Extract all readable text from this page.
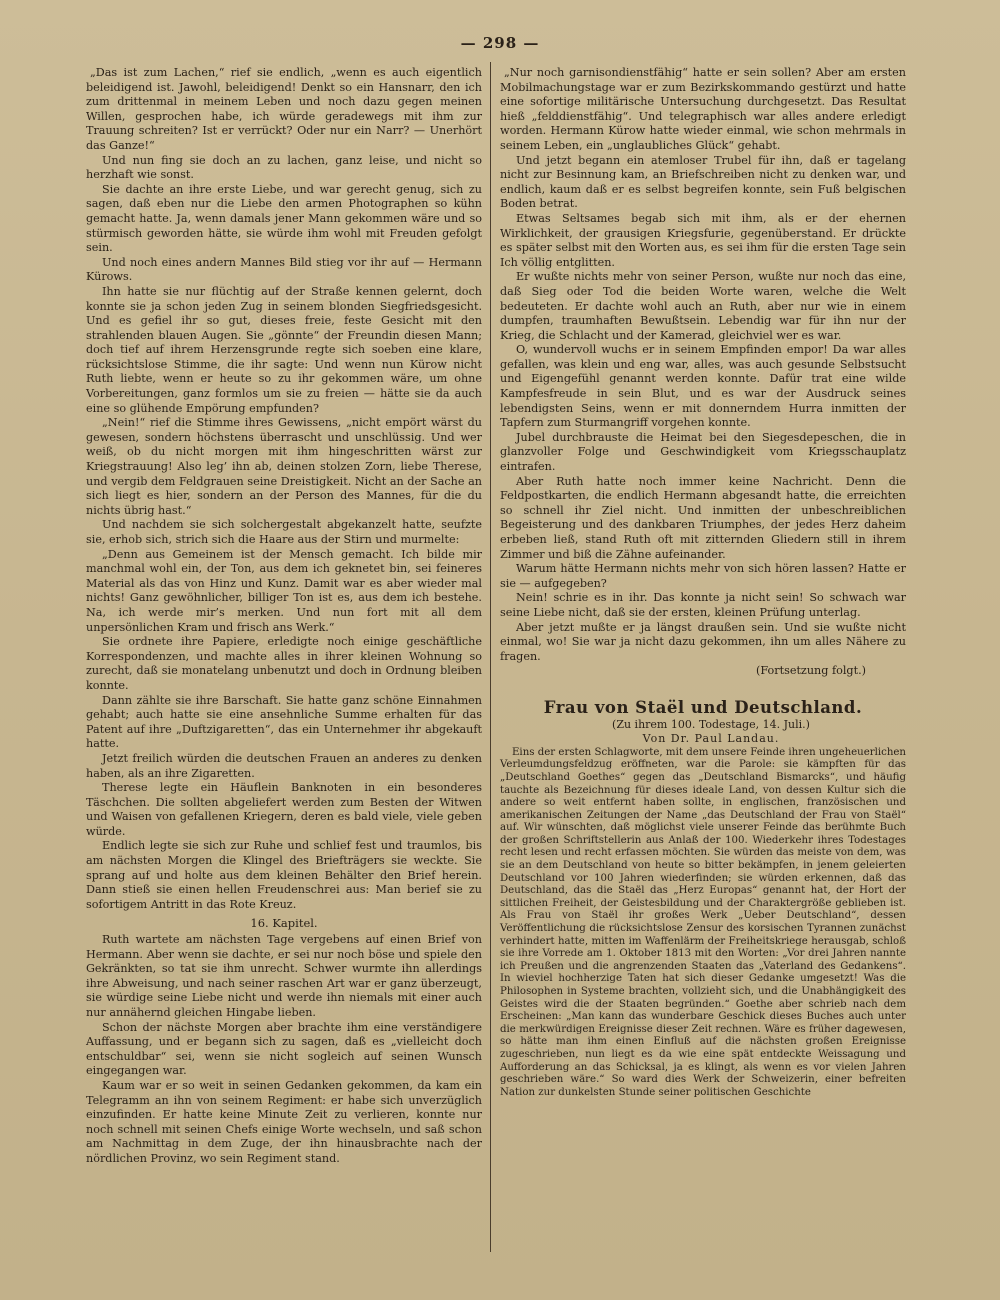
— 298 —

„Das ist zum Lachen,“ rief sie endlich, „wenn es auch eigentlich beleidigend ist. Jawohl, beleidigend! Denkt so ein Hansnarr, den ich zum drittenmal in meinem Leben und noch dazu gegen meinen Willen, gesprochen habe, ich würde geradewegs mit ihm zur Trauung schreiten? Ist er verrückt? Oder nur ein Narr? — Unerhört das Ganze!“

Und nun fing sie doch an zu lachen, ganz leise, und nicht so herzhaft wie sonst.

Sie dachte an ihre erste Liebe, und war gerecht genug, sich zu sagen, daß eben nur die Liebe den armen Photographen so kühn gemacht hatte. Ja, wenn damals jener Mann gekommen wäre und so stürmisch geworden hätte, sie würde ihm wohl mit Freuden gefolgt sein.

Und noch eines andern Mannes Bild stieg vor ihr auf — Hermann Kürows.

Ihn hatte sie nur flüchtig auf der Straße kennen gelernt, doch konnte sie ja schon jeden Zug in seinem blonden Siegfriedsgesicht. Und es gefiel ihr so gut, dieses freie, feste Gesicht mit den strahlenden blauen Augen. Sie „gönnte“ der Freundin diesen Mann; doch tief auf ihrem Herzensgrunde regte sich soeben eine klare, rücksichtslose Stimme, die ihr sagte: Und wenn nun Kürow nicht Ruth liebte, wenn er heute so zu ihr gekommen wäre, um ohne Vorbereitungen, ganz formlos um sie zu freien — hätte sie da auch eine so glühende Empörung empfunden?

„Nein!“ rief die Stimme ihres Gewissens, „nicht empört wärst du gewesen, sondern höchstens überrascht und unschlüssig. Und wer weiß, ob du nicht morgen mit ihm hingeschritten wärst zur Kriegstrauung! Also leg’ ihn ab, deinen stolzen Zorn, liebe Therese, und vergib dem Feldgrauen seine Dreistigkeit. Nicht an der Sache an sich liegt es hier, sondern an der Person des Mannes, für die du nichts übrig hast.“

Und nachdem sie sich solchergestalt abgekanzelt hatte, seufzte sie, erhob sich, strich sich die Haare aus der Stirn und murmelte:

„Denn aus Gemeinem ist der Mensch gemacht. Ich bilde mir manchmal wohl ein, der Ton, aus dem ich geknetet bin, sei feineres Material als das von Hinz und Kunz. Damit war es aber wieder mal nichts! Ganz gewöhnlicher, billiger Ton ist es, aus dem ich bestehe. Na, ich werde mir’s merken. Und nun fort mit all dem unpersönlichen Kram und frisch ans Werk.“

Sie ordnete ihre Papiere, erledigte noch einige geschäftliche Korrespondenzen, und machte alles in ihrer kleinen Wohnung so zurecht, daß sie monatelang unbenutzt und doch in Ordnung bleiben konnte.

Dann zählte sie ihre Barschaft. Sie hatte ganz schöne Einnahmen gehabt; auch hatte sie eine ansehnliche Summe erhalten für das Patent auf ihre „Duftzigaretten“, das ein Unternehmer ihr abgekauft hatte.

Jetzt freilich würden die deutschen Frauen an anderes zu denken haben, als an ihre Zigaretten.

Therese legte ein Häuflein Banknoten in ein besonderes Täschchen. Die sollten abgeliefert werden zum Besten der Witwen und Waisen von gefallenen Kriegern, deren es bald viele, viele geben würde.

Endlich legte sie sich zur Ruhe und schlief fest und traumlos, bis am nächsten Morgen die Klingel des Briefträgers sie weckte. Sie sprang auf und holte aus dem kleinen Behälter den Brief herein. Dann stieß sie einen hellen Freudenschrei aus: Man berief sie zu sofortigem Antritt in das Rote Kreuz.

16. Kapitel.

Ruth wartete am nächsten Tage vergebens auf einen Brief von Hermann. Aber wenn sie dachte, er sei nur noch böse und spiele den Gekränkten, so tat sie ihm unrecht. Schwer wurmte ihn allerdings ihre Abweisung, und nach seiner raschen Art war er ganz überzeugt, sie würdige seine Liebe nicht und werde ihn niemals mit einer auch nur annähernd gleichen Hingabe lieben.

Schon der nächste Morgen aber brachte ihm eine verständigere Auffassung, und er begann sich zu sagen, daß es „vielleicht doch entschuldbar“ sei, wenn sie nicht sogleich auf seinen Wunsch eingegangen war.

Kaum war er so weit in seinen Gedanken gekommen, da kam ein Telegramm an ihn von seinem Regiment: er habe sich unverzüglich einzufinden. Er hatte keine Minute Zeit zu verlieren, konnte nur noch schnell mit seinen Chefs einige Worte wechseln, und saß schon am Nachmittag in dem Zuge, der ihn hinausbrachte nach der nördlichen Provinz, wo sein Regiment stand.

„Nur noch garnisondienstfähig“ hatte er sein sollen? Aber am ersten Mobilmachungstage war er zum Bezirkskommando gestürzt und hatte eine sofortige militärische Untersuchung durchgesetzt. Das Resultat hieß „felddienstfähig“. Und telegraphisch war alles andere erledigt worden. Hermann Kürow hatte wieder einmal, wie schon mehrmals in seinem Leben, ein „unglaubliches Glück“ gehabt.

Und jetzt begann ein atemloser Trubel für ihn, daß er tagelang nicht zur Besinnung kam, an Briefschreiben nicht zu denken war, und endlich, kaum daß er es selbst begreifen konnte, sein Fuß belgischen Boden betrat.

Etwas Seltsames begab sich mit ihm, als er der ehernen Wirklichkeit, der grausigen Kriegsfurie, gegenüberstand. Er drückte es später selbst mit den Worten aus, es sei ihm für die ersten Tage sein Ich völlig entglitten.

Er wußte nichts mehr von seiner Person, wußte nur noch das eine, daß Sieg oder Tod die beiden Worte waren, welche die Welt bedeuteten. Er dachte wohl auch an Ruth, aber nur wie in einem dumpfen, traumhaften Bewußtsein. Lebendig war für ihn nur der Krieg, die Schlacht und der Kamerad, gleichviel wer es war.

O, wundervoll wuchs er in seinem Empfinden empor! Da war alles gefallen, was klein und eng war, alles, was auch gesunde Selbstsucht und Eigengefühl genannt werden konnte. Dafür trat eine wilde Kampfesfreude in sein Blut, und es war der Ausdruck seines lebendigsten Seins, wenn er mit donnerndem Hurra inmitten der Tapfern zum Sturmangriff vorgehen konnte.

Jubel durchbrauste die Heimat bei den Siegesdepeschen, die in glanzvoller Folge und Geschwindigkeit vom Kriegsschauplatz eintrafen.

Aber Ruth hatte noch immer keine Nachricht. Denn die Feldpostkarten, die endlich Hermann abgesandt hatte, die erreichten so schnell ihr Ziel nicht. Und inmitten der unbeschreiblichen Begeisterung und des dankbaren Triumphes, der jedes Herz daheim erbeben ließ, stand Ruth oft mit zitternden Gliedern still in ihrem Zimmer und biß die Zähne aufeinander.

Warum hätte Hermann nichts mehr von sich hören lassen? Hatte er sie — aufgegeben?

Nein! schrie es in ihr. Das konnte ja nicht sein! So schwach war seine Liebe nicht, daß sie der ersten, kleinen Prüfung unterlag.

Aber jetzt mußte er ja längst draußen sein. Und sie wußte nicht einmal, wo! Sie war ja nicht dazu gekommen, ihn um alles Nähere zu fragen.

(Fortsetzung folgt.)

Frau von Staël und Deutschland.

(Zu ihrem 100. Todestage, 14. Juli.)

Von Dr. Paul Landau.

Eins der ersten Schlagworte, mit dem unsere Feinde ihren ungeheuerlichen Verleumdungsfeldzug eröffneten, war die Parole: sie kämpften für das „Deutschland Goethes“ gegen das „Deutschland Bismarcks“, und häufig tauchte als Bezeichnung für dieses ideale Land, von dessen Kultur sich die andere so weit entfernt haben sollte, in englischen, französischen und amerikanischen Zeitungen der Name „das Deutschland der Frau von Staël“ auf. Wir wünschten, daß möglichst viele unserer Feinde das berühmte Buch der großen Schriftstellerin aus Anlaß der 100. Wiederkehr ihres Todestages recht lesen und recht erfassen möchten. Sie würden das meiste von dem, was sie an dem Deutschland von heute so bitter bekämpfen, in jenem geleierten Deutschland vor 100 Jahren wiederfinden; sie würden erkennen, daß das Deutschland, das die Staël das „Herz Europas“ genannt hat, der Hort der sittlichen Freiheit, der Geistesbildung und der Charaktergröße geblieben ist. Als Frau von Staël ihr großes Werk „Ueber Deutschland“, dessen Veröffentlichung die rücksichtslose Zensur des korsischen Tyrannen zunächst verhindert hatte, mitten im Waffenlärm der Freiheitskriege herausgab, schloß sie ihre Vorrede am 1. Oktober 1813 mit den Worten: „Vor drei Jahren nannte ich Preußen und die angrenzenden Staaten das „Vaterland des Gedankens“. In wieviel hochherzige Taten hat sich dieser Gedanke umgesetzt! Was die Philosophen in Systeme brachten, vollzieht sich, und die Unabhängigkeit des Geistes wird die der Staaten begründen.“ Goethe aber schrieb nach dem Erscheinen: „Man kann das wunderbare Geschick dieses Buches auch unter die merkwürdigen Ereignisse dieser Zeit rechnen. Wäre es früher dagewesen, so hätte man ihm einen Einfluß auf die nächsten großen Ereignisse zugeschrieben, nun liegt es da wie eine spät entdeckte Weissagung und Aufforderung an das Schicksal, ja es klingt, als wenn es vor vielen Jahren geschrieben wäre.“ So ward dies Werk der Schweizerin, einer befreiten Nation zur dunkelsten Stunde seiner politischen Geschichte
